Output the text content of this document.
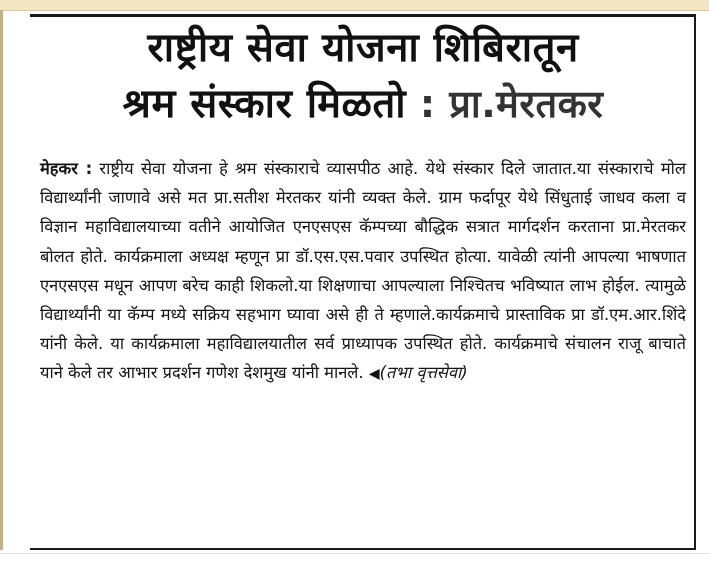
राष्ट्रीय सेवा योजना शिबिरातून
श्रम संस्कार मिळतो : प्रा.मेरतकर
मेहकर : राष्ट्रीय सेवा योजना हे श्रम संस्काराचे व्यासपीठ आहे. येथे संस्कार दिले जातात.या संस्काराचे मोल विद्यार्थ्यांनी जाणावे असे मत प्रा.सतीश मेरतकर यांनी व्यक्त केले. ग्राम फर्दापूर येथे सिंधुताई जाधव कला व विज्ञान महाविद्यालयाच्या वतीने आयोजित एनएसएस कॅम्पच्या बौद्धिक सत्रात मार्गदर्शन करताना प्रा.मेरतकर बोलत होते. कार्यक्रमाला अध्यक्ष म्हणून प्रा डॉ.एस.एस.पवार उपस्थित होत्या. यावेळी त्यांनी आपल्या भाषणात एनएसएस मधून आपण बरेच काही शिकलो.या शिक्षणाचा आपल्याला निश्चितच भविष्यात लाभ होईल. त्यामुळे विद्यार्थ्यांनी या कॅम्प मध्ये सक्रिय सहभाग घ्यावा असे ही ते म्हणाले.कार्यक्रमाचे प्रास्ताविक प्रा डॉ.एम.आर.शिंदे यांनी केले. या कार्यक्रमाला महाविद्यालयातील सर्व प्राध्यापक उपस्थित होते. कार्यक्रमाचे संचालन राजू बाचाते याने केले तर आभार प्रदर्शन गणेश देशमुख यांनी मानले. ◀(तभा वृत्तसेवा)
